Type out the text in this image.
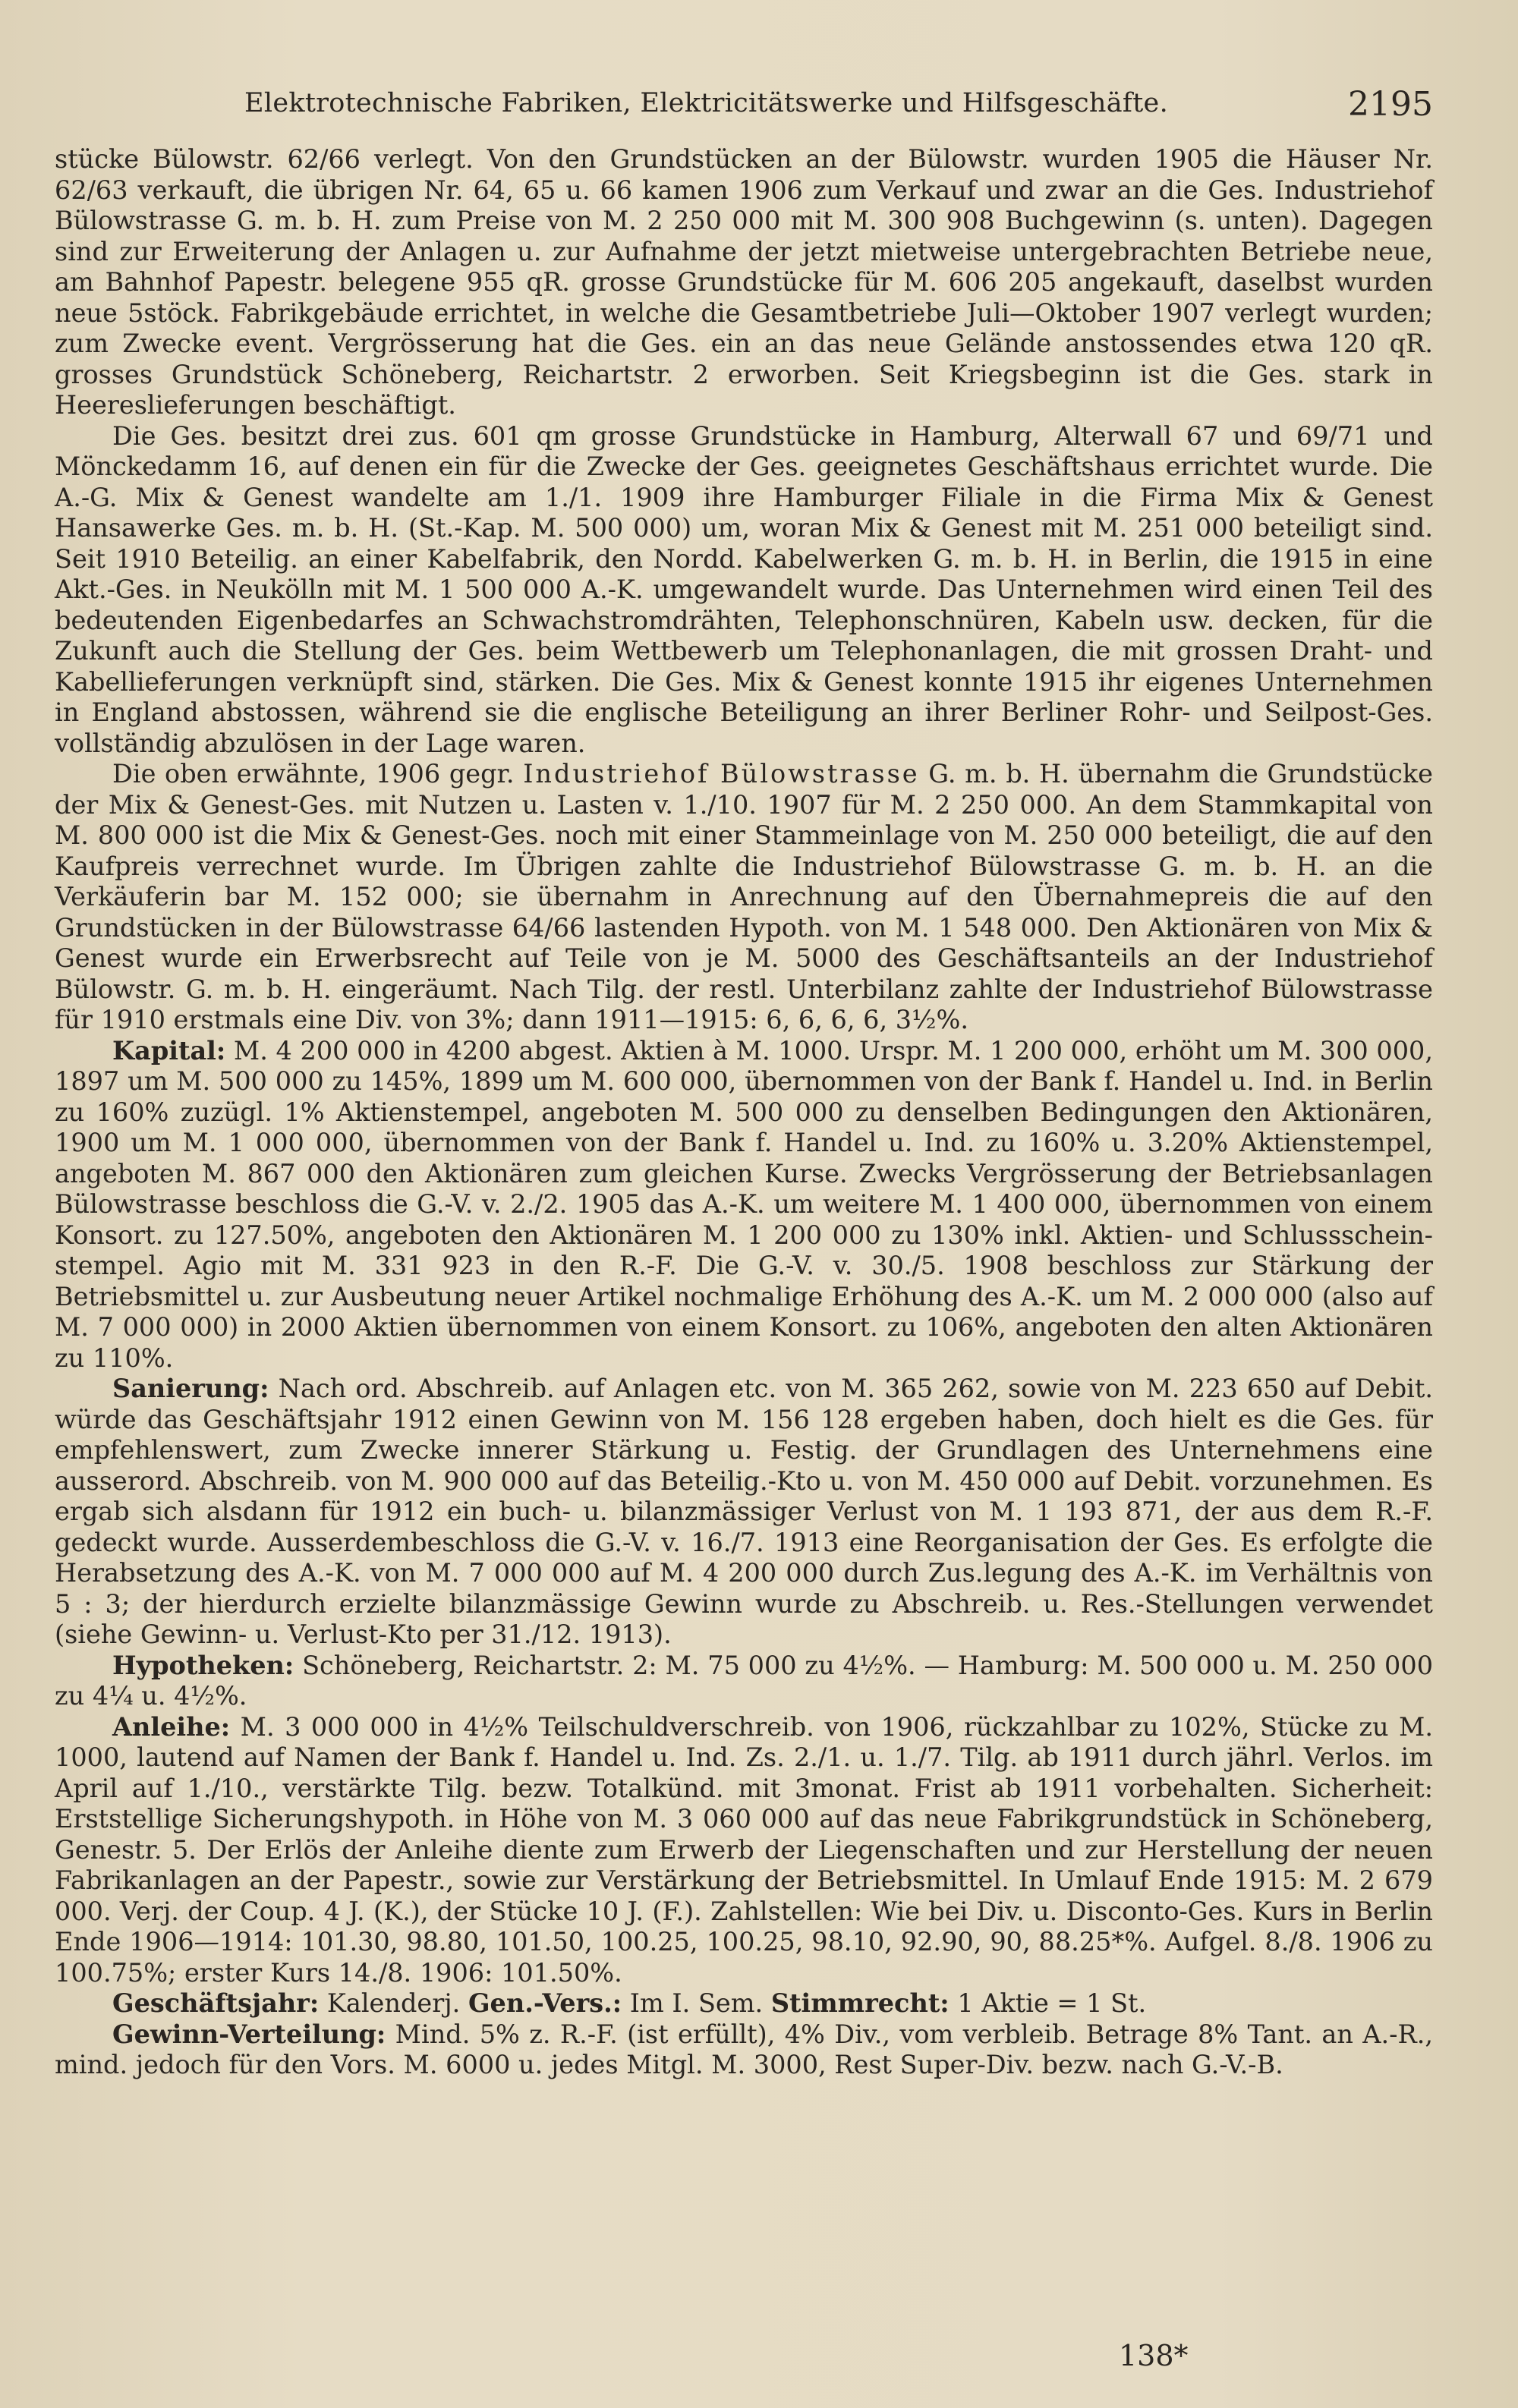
Elektrotechnische Fabriken, Elektricitätswerke und Hilfsgeschäfte.	2195

stücke Bülowstr. 62/66 verlegt. Von den Grundstücken an der Bülowstr. wurden 1905 die Häuser Nr. 62/63 verkauft, die übrigen Nr. 64, 65 u. 66 kamen 1906 zum Verkauf und zwar an die Ges. Industriehof Bülowstrasse G. m. b. H. zum Preise von M. 2 250 000 mit M. 300 908 Buchgewinn (s. unten). Dagegen sind zur Erweiterung der Anlagen u. zur Aufnahme der jetzt mietweise untergebrachten Betriebe neue, am Bahnhof Papestr. belegene 955 qR. grosse Grundstücke für M. 606 205 angekauft, daselbst wurden neue 5stöck. Fabrikgebäude errichtet, in welche die Gesamtbetriebe Juli—Oktober 1907 verlegt wurden; zum Zwecke event. Vergrösserung hat die Ges. ein an das neue Gelände anstossendes etwa 120 qR. grosses Grundstück Schöneberg, Reichartstr. 2 erworben. Seit Kriegsbeginn ist die Ges. stark in Heereslieferungen beschäftigt.

Die Ges. besitzt drei zus. 601 qm grosse Grundstücke in Hamburg, Alterwall 67 und 69/71 und Mönckedamm 16, auf denen ein für die Zwecke der Ges. geeignetes Geschäftshaus errichtet wurde. Die A.-G. Mix & Genest wandelte am 1./1. 1909 ihre Hamburger Filiale in die Firma Mix & Genest Hansawerke Ges. m. b. H. (St.-Kap. M. 500 000) um, woran Mix & Genest mit M. 251 000 beteiligt sind. Seit 1910 Beteilig. an einer Kabelfabrik, den Nordd. Kabelwerken G. m. b. H. in Berlin, die 1915 in eine Akt.-Ges. in Neukölln mit M. 1 500 000 A.-K. umgewandelt wurde. Das Unternehmen wird einen Teil des bedeutenden Eigenbedarfes an Schwachstromdrähten, Telephonschnüren, Kabeln usw. decken, für die Zukunft auch die Stellung der Ges. beim Wettbewerb um Telephonanlagen, die mit grossen Draht- und Kabellieferungen verknüpft sind, stärken. Die Ges. Mix & Genest konnte 1915 ihr eigenes Unternehmen in England abstossen, während sie die englische Beteiligung an ihrer Berliner Rohr- und Seilpost-Ges. vollständig abzulösen in der Lage waren.

Die oben erwähnte, 1906 gegr. Industriehof Bülowstrasse G. m. b. H. übernahm die Grundstücke der Mix & Genest-Ges. mit Nutzen u. Lasten v. 1./10. 1907 für M. 2 250 000. An dem Stammkapital von M. 800 000 ist die Mix & Genest-Ges. noch mit einer Stammeinlage von M. 250 000 beteiligt, die auf den Kaufpreis verrechnet wurde. Im Übrigen zahlte die Industriehof Bülowstrasse G. m. b. H. an die Verkäuferin bar M. 152 000; sie übernahm in Anrechnung auf den Übernahmepreis die auf den Grundstücken in der Bülowstrasse 64/66 lastenden Hypoth. von M. 1 548 000. Den Aktionären von Mix & Genest wurde ein Erwerbsrecht auf Teile von je M. 5000 des Geschäftsanteils an der Industriehof Bülowstr. G. m. b. H. eingeräumt. Nach Tilg. der restl. Unterbilanz zahlte der Industriehof Bülowstrasse für 1910 erstmals eine Div. von 3%; dann 1911—1915: 6, 6, 6, 6, 3½%.

Kapital: M. 4 200 000 in 4200 abgest. Aktien à M. 1000. Urspr. M. 1 200 000, erhöht um M. 300 000, 1897 um M. 500 000 zu 145%, 1899 um M. 600 000, übernommen von der Bank f. Handel u. Ind. in Berlin zu 160% zuzügl. 1% Aktienstempel, angeboten M. 500 000 zu denselben Bedingungen den Aktionären, 1900 um M. 1 000 000, übernommen von der Bank f. Handel u. Ind. zu 160% u. 3.20% Aktienstempel, angeboten M. 867 000 den Aktionären zum gleichen Kurse. Zwecks Vergrösserung der Betriebsanlagen Bülowstrasse beschloss die G.-V. v. 2./2. 1905 das A.-K. um weitere M. 1 400 000, übernommen von einem Konsort. zu 127.50%, angeboten den Aktionären M. 1 200 000 zu 130% inkl. Aktien- und Schlussscheinstempel. Agio mit M. 331 923 in den R.-F. Die G.-V. v. 30./5. 1908 beschloss zur Stärkung der Betriebsmittel u. zur Ausbeutung neuer Artikel nochmalige Erhöhung des A.-K. um M. 2 000 000 (also auf M. 7 000 000) in 2000 Aktien übernommen von einem Konsort. zu 106%, angeboten den alten Aktionären zu 110%.

Sanierung: Nach ord. Abschreib. auf Anlagen etc. von M. 365 262, sowie von M. 223 650 auf Debit. würde das Geschäftsjahr 1912 einen Gewinn von M. 156 128 ergeben haben, doch hielt es die Ges. für empfehlenswert, zum Zwecke innerer Stärkung u. Festig. der Grundlagen des Unternehmens eine ausserord. Abschreib. von M. 900 000 auf das Beteilig.-Kto u. von M. 450 000 auf Debit. vorzunehmen. Es ergab sich alsdann für 1912 ein buch- u. bilanzmässiger Verlust von M. 1 193 871, der aus dem R.-F. gedeckt wurde. Ausserdembeschloss die G.-V. v. 16./7. 1913 eine Reorganisation der Ges. Es erfolgte die Herabsetzung des A.-K. von M. 7 000 000 auf M. 4 200 000 durch Zus.legung des A.-K. im Verhältnis von 5 : 3; der hierdurch erzielte bilanzmässige Gewinn wurde zu Abschreib. u. Res.-Stellungen verwendet (siehe Gewinn- u. Verlust-Kto per 31./12. 1913).

Hypotheken: Schöneberg, Reichartstr. 2: M. 75 000 zu 4½%. — Hamburg: M. 500 000 u. M. 250 000 zu 4¼ u. 4½%.

Anleihe: M. 3 000 000 in 4½% Teilschuldverschreib. von 1906, rückzahlbar zu 102%, Stücke zu M. 1000, lautend auf Namen der Bank f. Handel u. Ind. Zs. 2./1. u. 1./7. Tilg. ab 1911 durch jährl. Verlos. im April auf 1./10., verstärkte Tilg. bezw. Totalkünd. mit 3monat. Frist ab 1911 vorbehalten. Sicherheit: Erststellige Sicherungshypoth. in Höhe von M. 3 060 000 auf das neue Fabrikgrundstück in Schöneberg, Genestr. 5. Der Erlös der Anleihe diente zum Erwerb der Liegenschaften und zur Herstellung der neuen Fabrikanlagen an der Papestr., sowie zur Verstärkung der Betriebsmittel. In Umlauf Ende 1915: M. 2 679 000. Verj. der Coup. 4 J. (K.), der Stücke 10 J. (F.). Zahlstellen: Wie bei Div. u. Disconto-Ges. Kurs in Berlin Ende 1906—1914: 101.30, 98.80, 101.50, 100.25, 100.25, 98.10, 92.90, 90, 88.25*%. Aufgel. 8./8. 1906 zu 100.75%; erster Kurs 14./8. 1906: 101.50%.

Geschäftsjahr: Kalenderj. Gen.-Vers.: Im I. Sem. Stimmrecht: 1 Aktie = 1 St.

Gewinn-Verteilung: Mind. 5% z. R.-F. (ist erfüllt), 4% Div., vom verbleib. Betrage 8% Tant. an A.-R., mind. jedoch für den Vors. M. 6000 u. jedes Mitgl. M. 3000, Rest Super-Div. bezw. nach G.-V.-B.

138*
